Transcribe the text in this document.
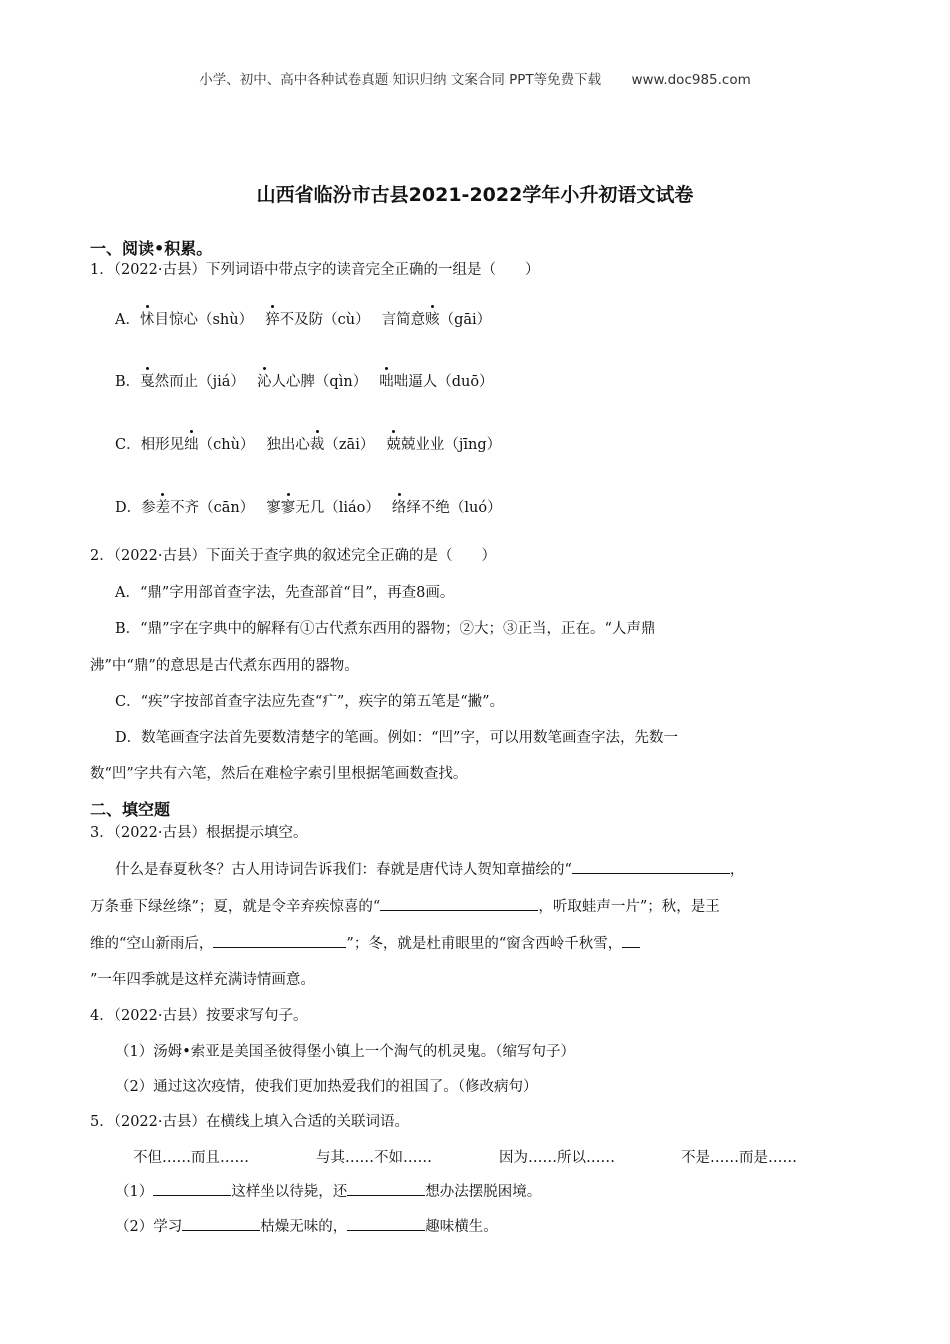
小学、初中、高中各种试卷真题 知识归纳 文案合同 PPT等免费下载 www.doc985.com
山西省临汾市古县2021-2022学年小升初语文试卷
一、阅读•积累。
1．（2022·古县）下列词语中带点字的读音完全正确的一组是（　　）
A．怵目惊心（shù） 猝不及防（cù） 言简意赅（gāi）
B．戛然而止（jiá） 沁人心脾（qìn） 咄咄逼人（duō）
C．相形见绌（chù） 独出心裁（zāi） 兢兢业业（jīng）
D．参差不齐（cān） 寥寥无几（liáo） 络绎不绝（luó）
2．（2022·古县）下面关于查字典的叙述完全正确的是（　　）
A．“鼎”字用部首查字法，先查部首“目”，再查8画。
B．“鼎”字在字典中的解释有①古代煮东西用的器物；②大；③正当，正在。“人声鼎
沸”中“鼎”的意思是古代煮东西用的器物。
C．“疾”字按部首查字法应先查“疒”，疾字的第五笔是“撇”。
D．数笔画查字法首先要数清楚字的笔画。例如：“凹”字，可以用数笔画查字法，先数一
数“凹”字共有六笔，然后在难检字索引里根据笔画数查找。
二、填空题
3．（2022·古县）根据提示填空。
什么是春夏秋冬？古人用诗词告诉我们：春就是唐代诗人贺知章描绘的“	，
万条垂下绿丝绦”；夏，就是令辛弃疾惊喜的“	，听取蛙声一片”；秋，是王
维的“空山新雨后，	”；冬，就是杜甫眼里的“窗含西岭千秋雪，
”一年四季就是这样充满诗情画意。
4．（2022·古县）按要求写句子。
（1）汤姆•索亚是美国圣彼得堡小镇上一个淘气的机灵鬼。（缩写句子）
（2）通过这次疫情，使我们更加热爱我们的祖国了。（修改病句）
5．（2022·古县）在横线上填入合适的关联词语。
不但……而且……	与其……不如……	因为……所以……	不是……而是……
（1）	这样坐以待毙，还	想办法摆脱困境。
（2）学习	枯燥无味的，	趣味横生。
